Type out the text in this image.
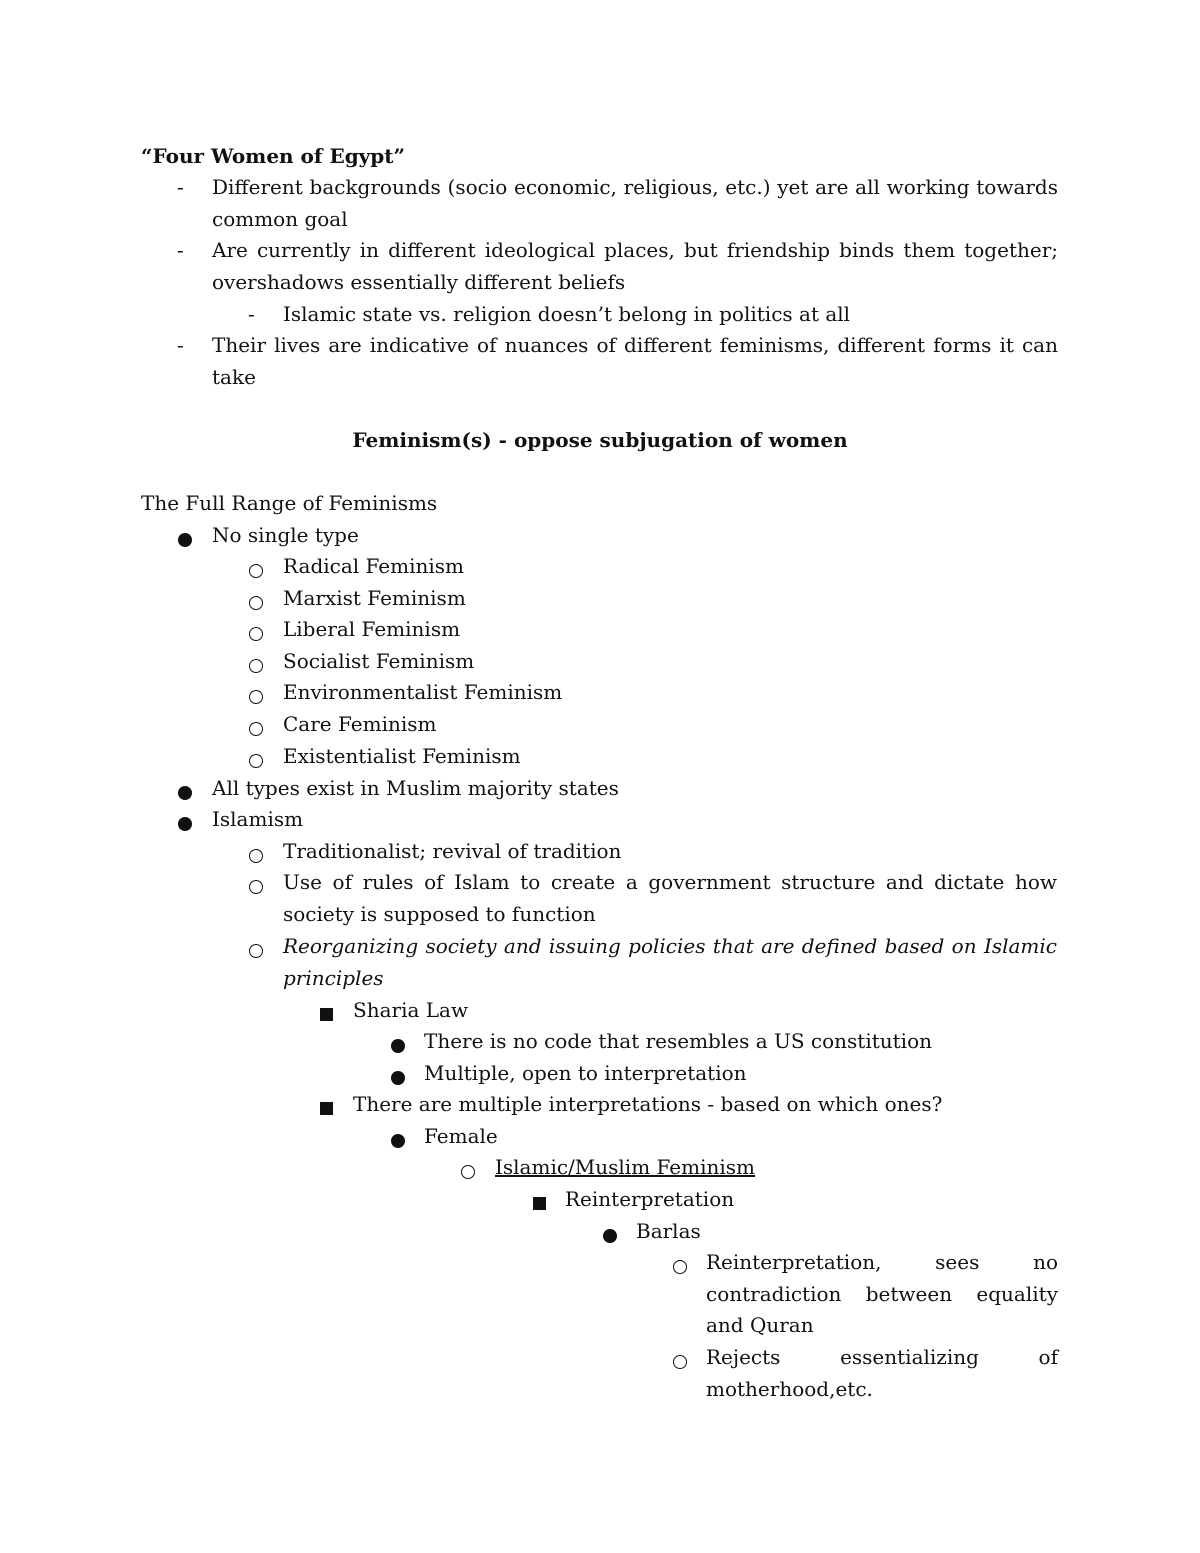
“Four Women of Egypt”
- Different backgrounds (socio economic, religious, etc.) yet are all working towards common goal
- Are currently in different ideological places, but friendship binds them together; overshadows essentially different beliefs
- Islamic state vs. religion doesn’t belong in politics at all
- Their lives are indicative of nuances of different feminisms, different forms it can take
Feminism(s) - oppose subjugation of women
The Full Range of Feminisms
No single type
Radical Feminism
Marxist Feminism
Liberal Feminism
Socialist Feminism
Environmentalist Feminism
Care Feminism
Existentialist Feminism
All types exist in Muslim majority states
Islamism
Traditionalist; revival of tradition
Use of rules of Islam to create a government structure and dictate how society is supposed to function
Reorganizing society and issuing policies that are defined based on Islamic principles
Sharia Law
There is no code that resembles a US constitution
Multiple, open to interpretation
There are multiple interpretations - based on which ones?
Female
Islamic/Muslim Feminism
Reinterpretation
Barlas
Reinterpretation, sees no contradiction between equality and Quran
Rejects essentializing of motherhood,etc.
